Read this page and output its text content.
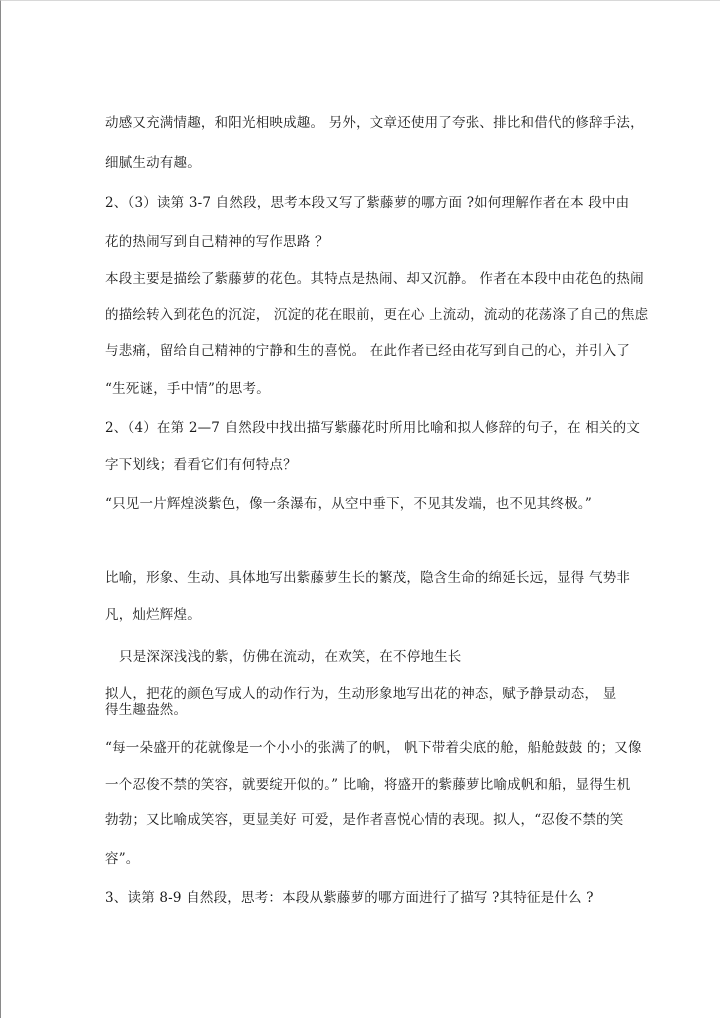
动感又充满情趣，和阳光相映成趣。 另外，文章还使用了夸张、排比和借代的修辞手法，
细腻生动有趣。
2、（3）读第 3-7 自然段，思考本段又写了紫藤萝的哪方面 ?如何理解作者在本 段中由
花的热闹写到自己精神的写作思路 ？
本段主要是描绘了紫藤萝的花色。其特点是热闹、却又沉静。 作者在本段中由花色的热闹
的描绘转入到花色的沉淀， 沉淀的花在眼前，更在心 上流动，流动的花荡涤了自己的焦虑
与悲痛，留给自己精神的宁静和生的喜悦。 在此作者已经由花写到自己的心，并引入了
“生死谜，手中情”的思考。
2、（4）在第 2—7 自然段中找出描写紫藤花时所用比喻和拟人修辞的句子，在 相关的文
字下划线；看看它们有何特点？
“只见一片辉煌淡紫色，像一条瀑布，从空中垂下，不见其发端，也不见其终极。”
比喻，形象、生动、具体地写出紫藤萝生长的繁茂，隐含生命的绵延长远，显得 气势非
凡，灿烂辉煌。
只是深深浅浅的紫，仿佛在流动，在欢笑，在不停地生长
拟人，把花的颜色写成人的动作行为，生动形象地写出花的神态，赋予静景动态， 显得生趣盎然。
“每一朵盛开的花就像是一个小小的张满了的帆， 帆下带着尖底的舱，船舱鼓鼓 的；又像
一个忍俊不禁的笑容，就要绽开似的。” 比喻，将盛开的紫藤萝比喻成帆和船，显得生机
勃勃；又比喻成笑容，更显美好 可爱，是作者喜悦心情的表现。拟人，“忍俊不禁的笑
容”。
3、读第 8-9 自然段，思考：本段从紫藤萝的哪方面进行了描写 ?其特征是什么 ?
